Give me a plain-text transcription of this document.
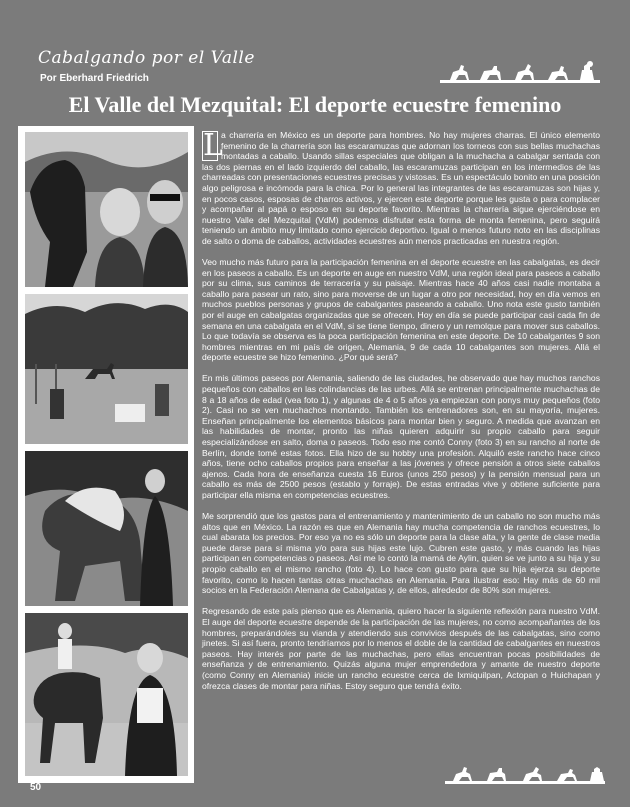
Cabalgando por el Valle
Por Eberhard Friedrich
El Valle del Mezquital: El deporte ecuestre femenino

L
a charrería en México es un deporte para hombres. No hay mujeres charras. El único elemento femenino de la charrería son las escaramuzas que adornan los torneos con sus bellas muchachas montadas a caballo. Usando sillas especiales que obligan a la muchacha a cabalgar sentada con las dos piernas en el lado izquierdo del caballo, las escaramuzas participan en los intermedios de las charreadas con presentaciones ecuestres precisas y vistosas. Es un espectáculo bonito en una posición algo peligrosa e incómoda para la chica. Por lo general las integrantes de las escaramuzas son hijas y, en pocos casos, esposas de charros activos, y ejercen este deporte porque les gusta o para complacer y acompañar al papá o esposo en su deporte favorito. Mientras la charrería sigue ejerciéndose en nuestro Valle del Mezquital (VdM) podemos disfrutar esta forma de monta femenina, pero seguirá teniendo un ámbito muy limitado como ejercicio deportivo. Igual o menos futuro noto en las disciplinas de salto o doma de caballos, actividades ecuestres aún menos practicadas en nuestra región.

Veo mucho más futuro para la participación femenina en el deporte ecuestre en las cabalgatas, es decir en los paseos a caballo. Es un deporte en auge en nuestro VdM, una región ideal para paseos a caballo por su clima, sus caminos de terracería y su paisaje. Mientras hace 40 años casi nadie montaba a caballo para pasear un rato, sino para moverse de un lugar a otro por necesidad, hoy en día vemos en muchos pueblos personas y grupos de cabalgantes paseando a caballo. Uno nota este gusto también por el auge en cabalgatas organizadas que se ofrecen. Hoy en día se puede participar casi cada fin de semana en una cabalgata en el VdM, si se tiene tiempo, dinero y un remolque para mover sus caballos. Lo que todavía se observa es la poca participación femenina en este deporte. De 10 cabalgantes 9 son hombres mientras en mi país de origen, Alemania, 9 de cada 10 cabalgantes son mujeres. Allá el deporte ecuestre se hizo femenino. ¿Por qué será?

En mis últimos paseos por Alemania, saliendo de las ciudades, he observado que hay muchos ranchos pequeños con caballos en las colindancias de las urbes. Allá se entrenan principalmente muchachas de 8 a 18 años de edad (vea foto 1), y algunas de 4 o 5 años ya empiezan con ponys muy pequeños (foto 2). Casi no se ven muchachos montando. También los entrenadores son, en su mayoría, mujeres. Enseñan principalmente los elementos básicos para montar bien y seguro. A medida que avanzan en las habilidades de montar, pronto las niñas quieren adquirir su propio caballo para seguir especializándose en salto, doma o paseos. Todo eso me contó Conny (foto 3) en su rancho al norte de Berlín, donde tomé estas fotos. Ella hizo de su hobby una profesión. Alquiló este rancho hace cinco años, tiene ocho caballos propios para enseñar a las jóvenes y ofrece pensión a otros siete caballos ajenos. Cada hora de enseñanza cuesta 16 Euros (unos 250 pesos) y la pensión mensual para un caballo es más de 2500 pesos (establo y forraje). De estas entradas vive y obtiene suficiente para participar ella misma en competencias ecuestres.

Me sorprendió que los gastos para el entrenamiento y mantenimiento de un caballo no son mucho más altos que en México. La razón es que en Alemania hay mucha competencia de ranchos ecuestres, lo cual abarata los precios. Por eso ya no es sólo un deporte para la clase alta, y la gente de clase media puede darse para sí misma y/o para sus hijas este lujo. Cubren este gasto, y más cuando las hijas participan en competencias o paseos. Así me lo contó la mamá de Aylin, quien se ve junto a su hija y su propio caballo en el mismo rancho (foto 4). Lo hace con gusto para que su hija ejerza su deporte favorito, como lo hacen tantas otras muchachas en Alemania. Para ilustrar eso: Hay más de 60 mil socios en la Federación Alemana de Cabalgatas y, de ellos, alrededor de 80% son mujeres.

Regresando de este país pienso que es Alemania, quiero hacer la siguiente reflexión para nuestro VdM. El auge del deporte ecuestre depende de la participación de las mujeres, no como acompañantes de los hombres, preparándoles su vianda y atendiendo sus convivios después de las cabalgatas, sino como jinetes. Si así fuera, pronto tendríamos por lo menos el doble de la cantidad de cabalgantes en nuestros paseos. Hay interés por parte de las muchachas, pero ellas encuentran pocas posibilidades de enseñanza y de entrenamiento. Quizás alguna mujer emprendedora y amante de nuestro deporte (como Conny en Alemania) inicie un rancho ecuestre cerca de Ixmiquilpan, Actopan o Huichapan y ofrezca clases de montar para niñas. Estoy seguro que tendrá éxito.

50
